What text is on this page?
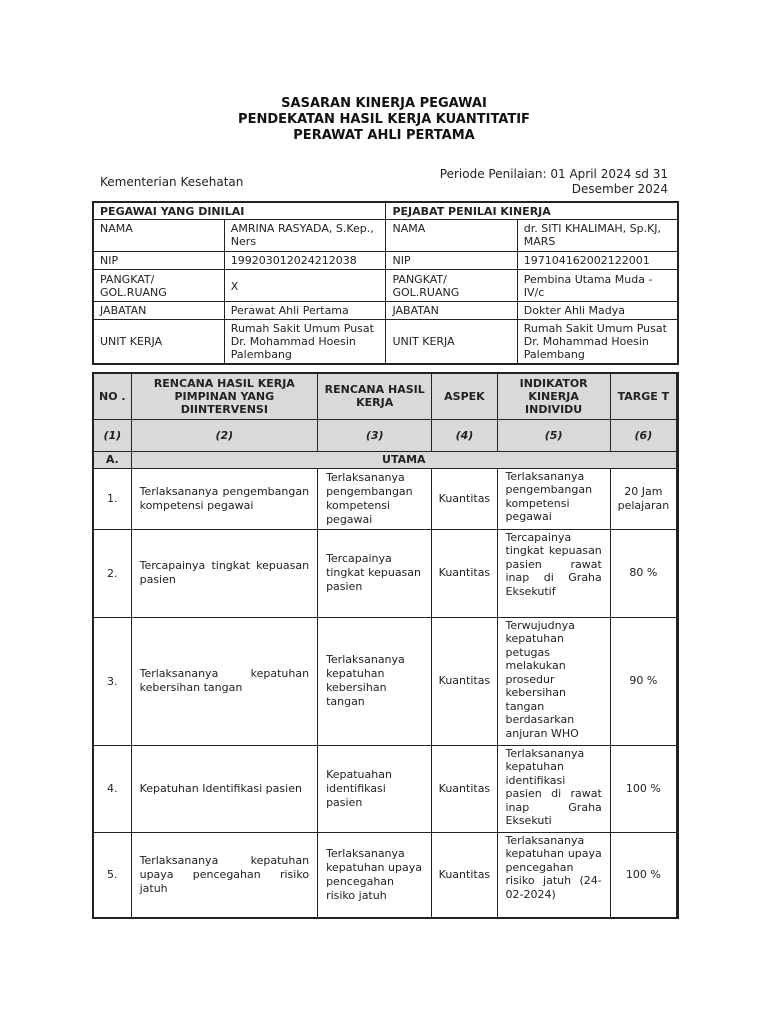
SASARAN KINERJA PEGAWAI
PENDEKATAN HASIL KERJA KUANTITATIF
PERAWAT AHLI PERTAMA
Kementerian Kesehatan
Periode Penilaian: 01 April 2024 sd 31
Desember 2024
PEGAWAI YANG DINILAI		PEJABAT PENILAI KINERJA	
NAMA	AMRINA RASYADA, S.Kep., Ners	NAMA	dr. SITI KHALIMAH, Sp.KJ, MARS
NIP	199203012024212038	NIP	197104162002122001
PANGKAT/ GOL.RUANG	X	PANGKAT/ GOL.RUANG	Pembina Utama Muda - IV/c
JABATAN	Perawat Ahli Pertama	JABATAN	Dokter Ahli Madya
UNIT KERJA	Rumah Sakit Umum Pusat Dr. Mohammad Hoesin Palembang	UNIT KERJA	Rumah Sakit Umum Pusat Dr. Mohammad Hoesin Palembang
NO .	RENCANA HASIL KERJA PIMPINAN YANG DIINTERVENSI	RENCANA HASIL KERJA	ASPEK	INDIKATOR KINERJA INDIVIDU	TARGE T
(1)	(2)	(3)	(4)	(5)	(6)
A.	UTAMA				
1.	Terlaksananya pengembangan kompetensi pegawai	Terlaksananya pengembangan kompetensi pegawai	Kuantitas	Terlaksananya pengembangan kompetensi pegawai	20 Jam pelajaran
2.	Tercapainya tingkat kepuasan pasien	Tercapainya tingkat kepuasan pasien	Kuantitas	Tercapainya tingkat kepuasan pasien rawat inap di Graha Eksekutif	80 %
3.	Terlaksananya kepatuhan kebersihan tangan	Terlaksananya kepatuhan kebersihan tangan	Kuantitas	Terwujudnya kepatuhan petugas melakukan prosedur kebersihan tangan berdasarkan anjuran WHO	90 %
4.	Kepatuhan Identifikasi pasien	Kepatuahan identifikasi pasien	Kuantitas	Terlaksananya kepatuhan identifikasi pasien di rawat inap Graha Eksekuti	100 %
5.	Terlaksananya kepatuhan upaya pencegahan risiko jatuh	Terlaksananya kepatuhan upaya pencegahan risiko jatuh	Kuantitas	Terlaksananya kepatuhan upaya pencegahan risiko jatuh (24-02-2024)	100 %
